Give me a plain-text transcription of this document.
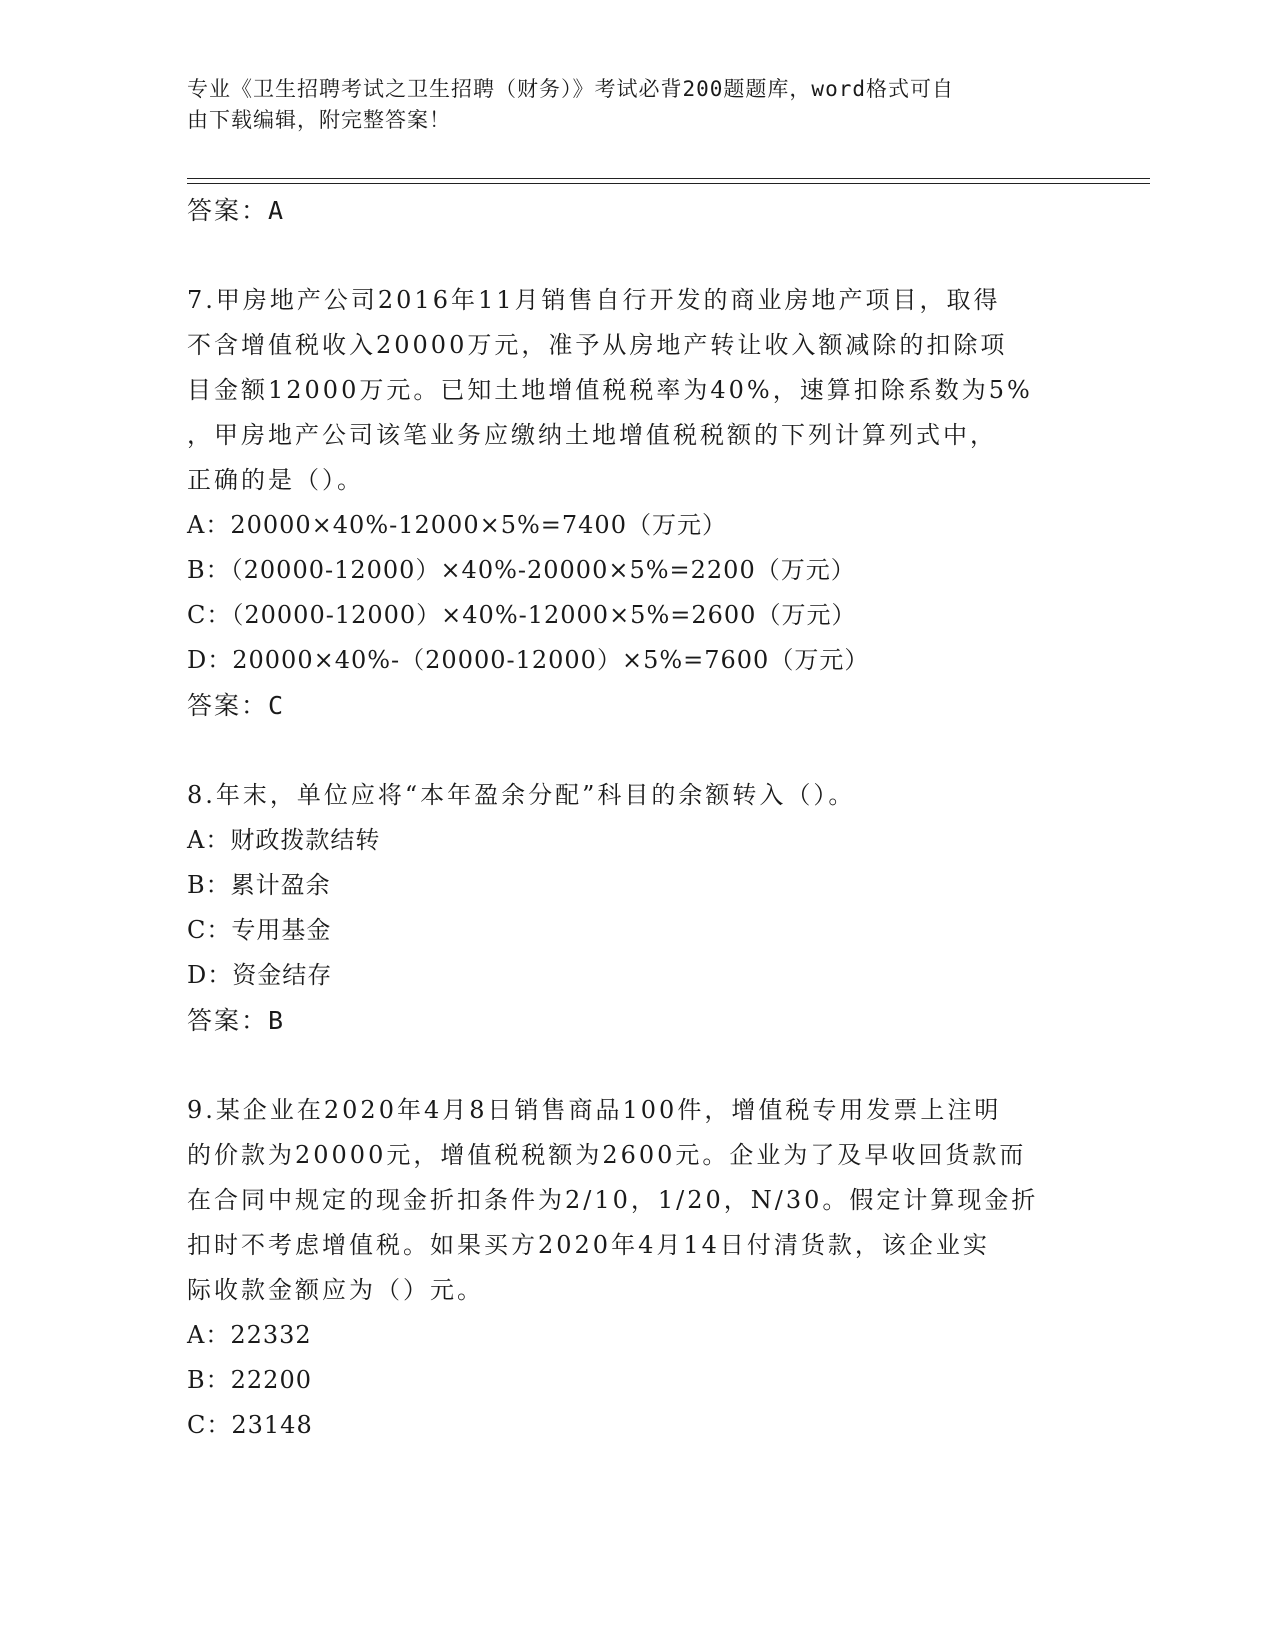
专业《卫生招聘考试之卫生招聘（财务）》考试必背200题题库，word格式可自
由下载编辑，附完整答案！

答案：A

7.甲房地产公司2016年11月销售自行开发的商业房地产项目，取得

不含增值税收入20000万元，准予从房地产转让收入额减除的扣除项

目金额12000万元。已知土地增值税税率为40%，速算扣除系数为5%

，甲房地产公司该笔业务应缴纳土地增值税税额的下列计算列式中，

正确的是（）。

A：20000×40%-12000×5%=7400（万元）

B：（20000-12000）×40%-20000×5%=2200（万元）

C：（20000-12000）×40%-12000×5%=2600（万元）

D：20000×40%-（20000-12000）×5%=7600（万元）

答案：C

8.年末，单位应将“本年盈余分配”科目的余额转入（）。

A：财政拨款结转

B：累计盈余

C：专用基金

D：资金结存

答案：B

9.某企业在2020年4月8日销售商品100件，增值税专用发票上注明

的价款为20000元，增值税税额为2600元。企业为了及早收回货款而

在合同中规定的现金折扣条件为2/10，1/20，N/30。假定计算现金折

扣时不考虑增值税。如果买方2020年4月14日付清货款，该企业实

际收款金额应为（）元。

A：22332

B：22200

C：23148
